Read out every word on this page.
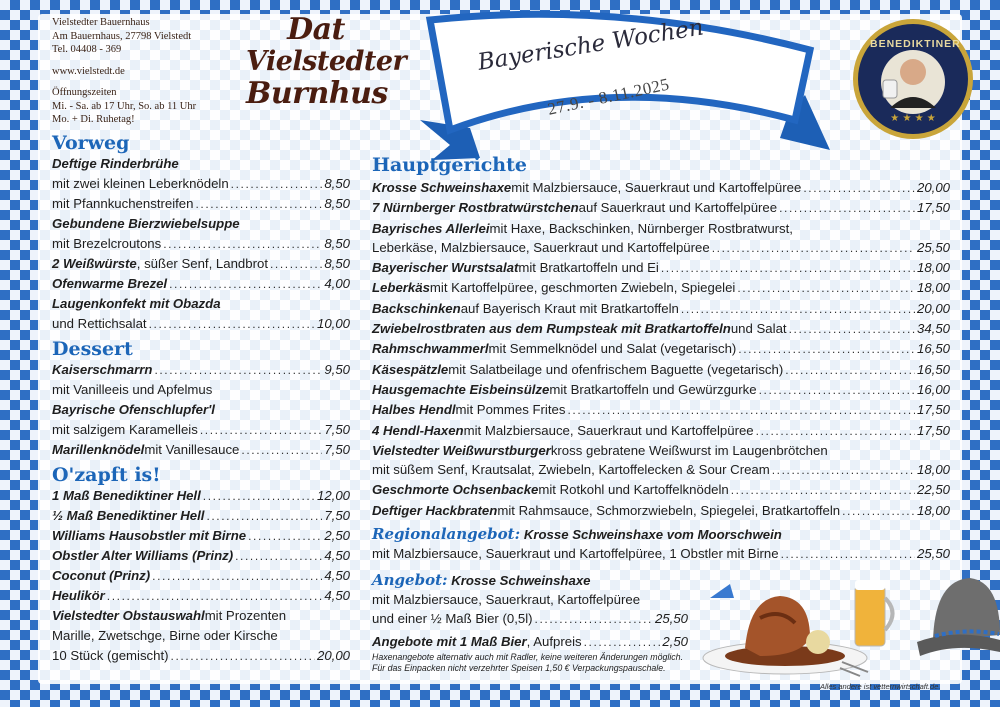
Vielstedter Bauernhaus
Am Bauernhaus, 27798 Vielstedt
Tel. 04408 - 369
www.vielstedt.de
Öffnungszeiten
Mi. - Sa. ab 17 Uhr, So. ab 11 Uhr
Mo. + Di. Ruhetag!
Dat
Vielstedter
Burnhus
Bayerische Wochen
27.9. - 8.11.2025	★ ★ ★ ★
BENEDIKTINER
Vorweg
Deftige Rinderbrühe
mit zwei kleinen Leberknödeln .....	8,50
mit Pfannkuchenstreifen .....	8,50
Gebundene Bierzwiebelsuppe
mit Brezelcroutons .....	8,50
2 Weißwürste , süßer Senf, Landbrot .....	8,50
Ofenwarme Brezel .....	4,00
Laugenkonfekt mit Obazda
und Rettichsalat .....	10,00
Dessert
Kaiserschmarrn .....	9,50
mit Vanilleeis und Apfelmus
Bayrische Ofenschlupfer'l
mit salzigem Karamelleis .....	7,50
Marillenknödel mit Vanillesauce .....	7,50
O'zapft is!
1 Maß Benediktiner Hell .....	12,00
½ Maß Benediktiner Hell .....	7,50
Williams Hausobstler mit Birne .....	2,50
Obstler Alter Williams (Prinz) .....	4,50
Coconut (Prinz) .....	4,50
Heulikör .....	4,50
Vielstedter Obstauswahl mit Prozenten
Marille, Zwetschge, Birne oder Kirsche
10 Stück (gemischt) .....	20,00
Hauptgerichte
Krosse Schweinshaxe mit Malzbiersauce, Sauerkraut und Kartoffelpüree .....	20,00
7 Nürnberger Rostbratwürstchen auf Sauerkraut und Kartoffelpüree .....	17,50
Bayrisches Allerlei mit Haxe, Backschinken, Nürnberger Rostbratwurst,
Leberkäse, Malzbiersauce, Sauerkraut und Kartoffelpüree .....	25,50
Bayerischer Wurstsalat mit Bratkartoffeln und Ei .....	18,00
Leberkäs mit Kartoffelpüree, geschmorten Zwiebeln, Spiegelei .....	18,00
Backschinken auf Bayerisch Kraut mit Bratkartoffeln .....	20,00
Zwiebelrostbraten aus dem Rumpsteak mit Bratkartoffeln und Salat .....	34,50
Rahmschwammerl mit Semmelknödel und Salat (vegetarisch) .....	16,50
Käsespätzle mit Salatbeilage und ofenfrischem Baguette (vegetarisch) .....	16,50
Hausgemachte Eisbeinsülze mit Bratkartoffeln und Gewürzgurke .....	16,00
Halbes Hendl mit Pommes Frites .....	17,50
4 Hendl-Haxen mit Malzbiersauce, Sauerkraut und Kartoffelpüree .....	17,50
Vielstedter Weißwurstburger kross gebratene Weißwurst im Laugenbrötchen
mit süßem Senf, Krautsalat, Zwiebeln, Kartoffelecken & Sour Cream .....	18,00
Geschmorte Ochsenbacke mit Rotkohl und Kartoffelknödeln .....	22,50
Deftiger Hackbraten mit Rahmsauce, Schmorzwiebeln, Spiegelei, Bratkartoffeln .....	18,00
Regionalangebot: Krosse Schweinshaxe vom Moorschwein
mit Malzbiersauce, Sauerkraut und Kartoffelpüree, 1 Obstler mit Birne .....	25,50
Angebot: Krosse Schweinshaxe
mit Malzbiersauce, Sauerkraut, Kartoffelpüree
und einer ½ Maß Bier (0,5l) .....	25,50
Angebote mit 1 Maß Bier , Aufpreis .....	2,50
Haxenangebote alternativ auch mit Radler, keine weiteren Änderungen möglich.
Für das Einpacken nicht verzehrter Speisen 1,50 € Verpackungspauschale.
Alles andere ist vetternwirtschaft.de.
